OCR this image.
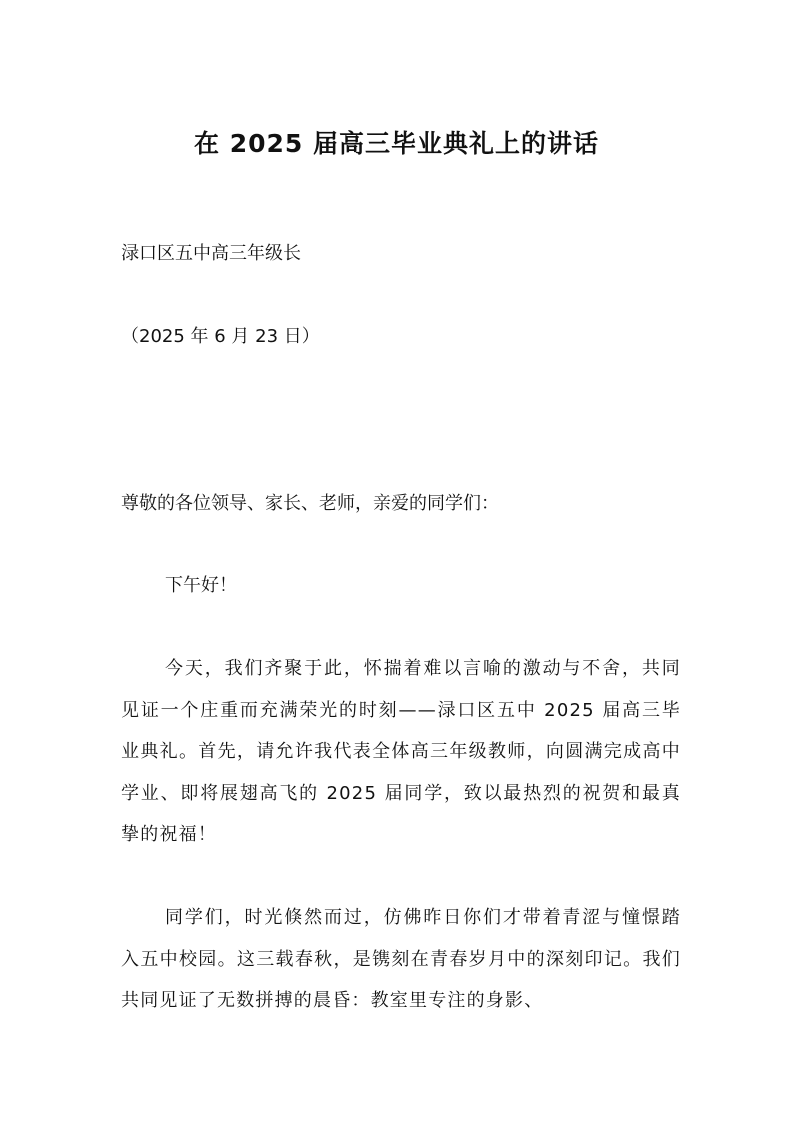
在 2025 届高三毕业典礼上的讲话
渌口区五中高三年级长
（2025 年 6 月 23 日）
尊敬的各位领导、家长、老师，亲爱的同学们：
下午好！

今天，我们齐聚于此，怀揣着难以言喻的激动与不舍，共同见证一个庄重而充满荣光的时刻——渌口区五中 2025 届高三毕业典礼。首先，请允许我代表全体高三年级教师，向圆满完成高中学业、即将展翅高飞的 2025 届同学，致以最热烈的祝贺和最真挚的祝福！

同学们，时光倏然而过，仿佛昨日你们才带着青涩与憧憬踏入五中校园。这三载春秋，是镌刻在青春岁月中的深刻印记。我们共同见证了无数拼搏的晨昏：教室里专注的身影、
